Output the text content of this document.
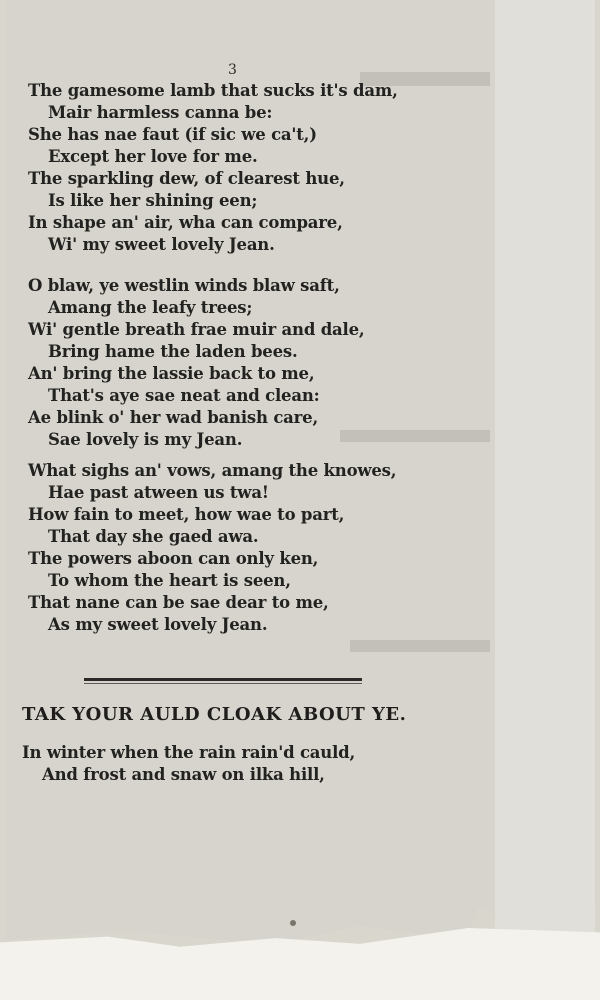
3
The gamesome lamb that sucks it's dam,
Mair harmless canna be:
She has nae faut (if sic we ca't,)
Except her love for me.
The sparkling dew, of clearest hue,
Is like her shining een;
In shape an' air, wha can compare,
Wi' my sweet lovely Jean.
O blaw, ye westlin winds blaw saft,
Amang the leafy trees;
Wi' gentle breath frae muir and dale,
Bring hame the laden bees.
An' bring the lassie back to me,
That's aye sae neat and clean:
Ae blink o' her wad banish care,
Sae lovely is my Jean.
What sighs an' vows, amang the knowes,
Hae past atween us twa!
How fain to meet, how wae to part,
That day she gaed awa.
The powers aboon can only ken,
To whom the heart is seen,
That nane can be sae dear to me,
As my sweet lovely Jean.
TAK YOUR AULD CLOAK ABOUT YE.
In winter when the rain rain'd cauld,
And frost and snaw on ilka hill,
